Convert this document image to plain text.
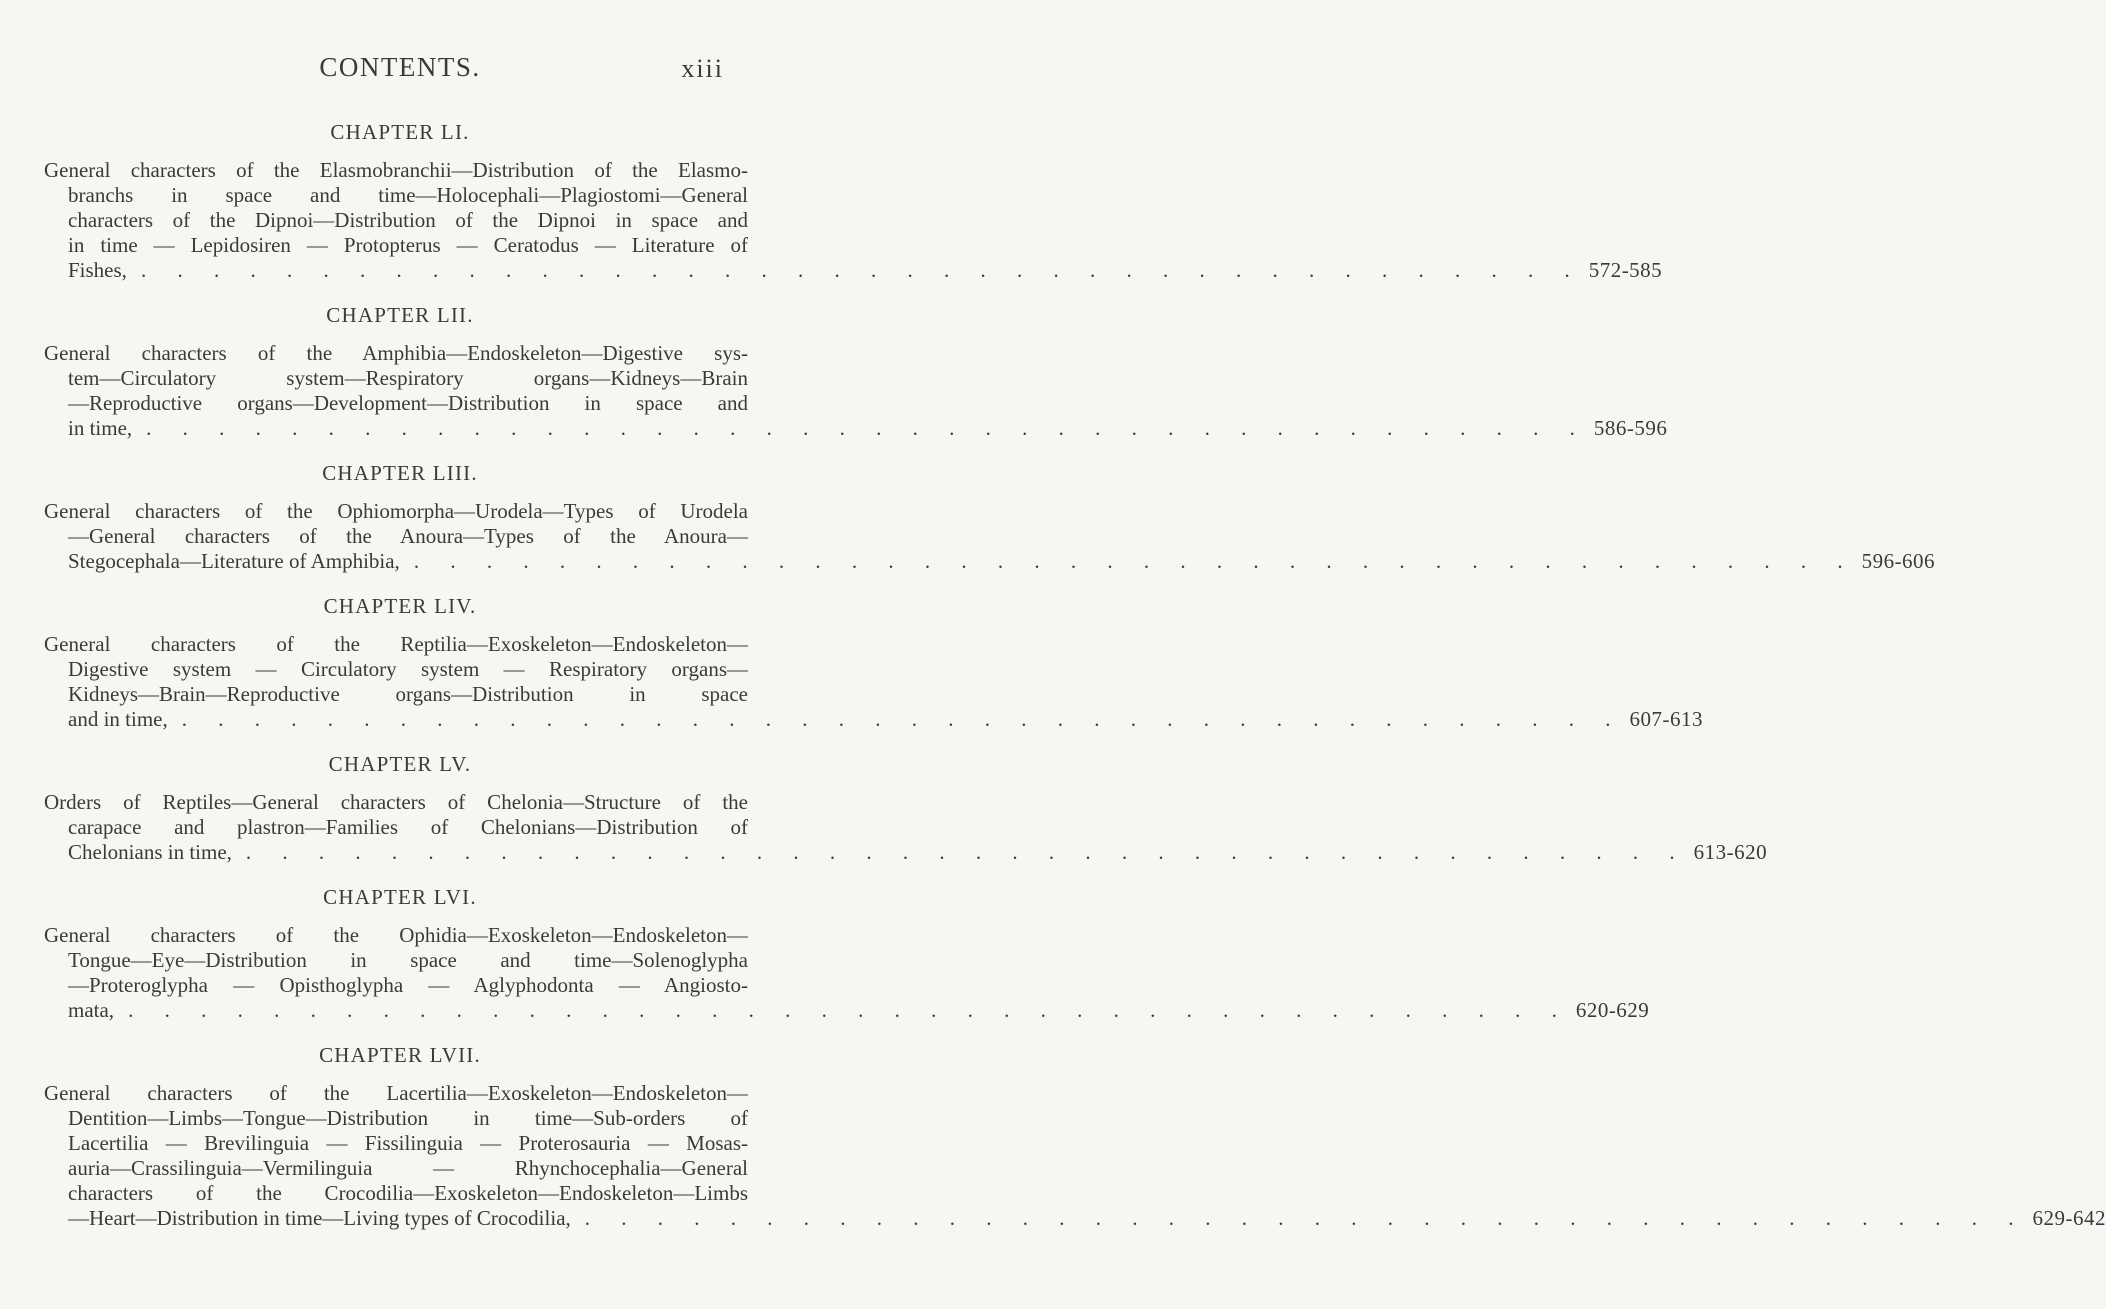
CONTENTS.	xiii
CHAPTER LI.
General characters of the Elasmobranchii—Distribution of the Elasmo-
branchs in space and time—Holocephali—Plagiostomi—General
characters of the Dipnoi—Distribution of the Dipnoi in space and
in time — Lepidosiren — Protopterus — Ceratodus — Literature of
Fishes, . . . . . . . . . . . . . . . . . . . . . . . . . . . . . . . . . . . . . . . . 572-585
CHAPTER LII.
General characters of the Amphibia—Endoskeleton—Digestive sys-
tem—Circulatory system—Respiratory organs—Kidneys—Brain
—Reproductive organs—Development—Distribution in space and
in time, . . . . . . . . . . . . . . . . . . . . . . . . . . . . . . . . . . . . . . . . 586-596
CHAPTER LIII.
General characters of the Ophiomorpha—Urodela—Types of Urodela
—General characters of the Anoura—Types of the Anoura—
Stegocephala—Literature of Amphibia, . . . . . . . . . . . . . . . . . . . . . . . . . . . . . . . . . . . . . . . . 596-606
CHAPTER LIV.
General characters of the Reptilia—Exoskeleton—Endoskeleton—
Digestive system — Circulatory system — Respiratory organs—
Kidneys—Brain—Reproductive organs—Distribution in space
and in time, . . . . . . . . . . . . . . . . . . . . . . . . . . . . . . . . . . . . . . . . 607-613
CHAPTER LV.
Orders of Reptiles—General characters of Chelonia—Structure of the
carapace and plastron—Families of Chelonians—Distribution of
Chelonians in time, . . . . . . . . . . . . . . . . . . . . . . . . . . . . . . . . . . . . . . . . 613-620
CHAPTER LVI.
General characters of the Ophidia—Exoskeleton—Endoskeleton—
Tongue—Eye—Distribution in space and time—Solenoglypha
—Proteroglypha — Opisthoglypha — Aglyphodonta — Angiosto-
mata, . . . . . . . . . . . . . . . . . . . . . . . . . . . . . . . . . . . . . . . . 620-629
CHAPTER LVII.
General characters of the Lacertilia—Exoskeleton—Endoskeleton—
Dentition—Limbs—Tongue—Distribution in time—Sub-orders of
Lacertilia — Brevilinguia — Fissilinguia — Proterosauria — Mosas-
auria—Crassilinguia—Vermilinguia — Rhynchocephalia—General
characters of the Crocodilia—Exoskeleton—Endoskeleton—Limbs
—Heart—Distribution in time—Living types of Crocodilia, . . . . . . . . . . . . . . . . . . . . . . . . . . . . . . . . . . . . . . . . 629-642
